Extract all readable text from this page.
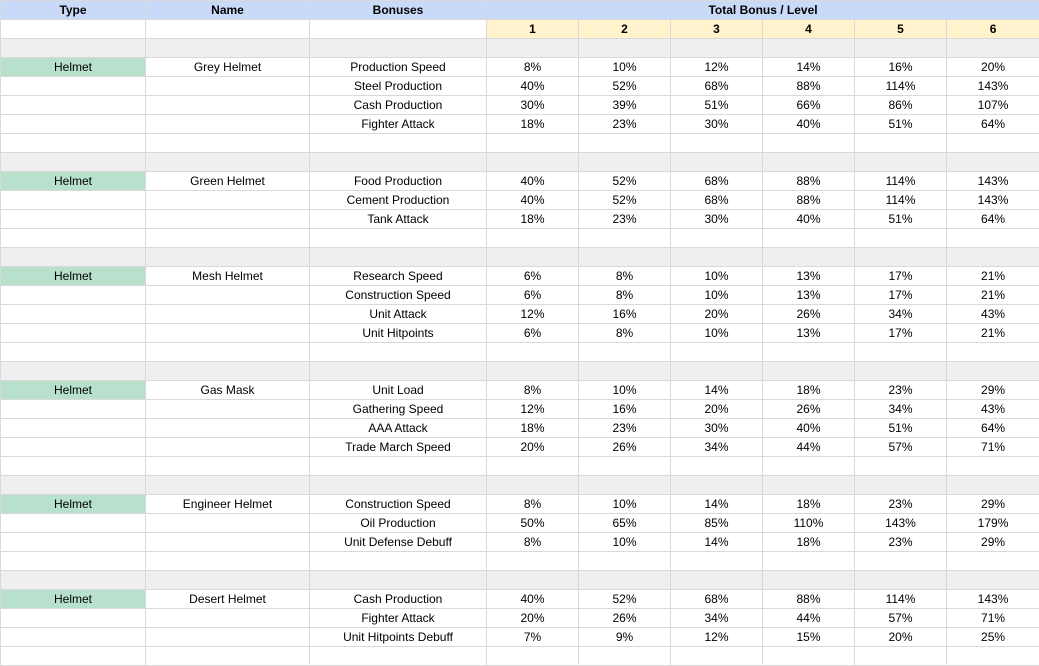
Type	Name	Bonuses	Total Bonus / Level					
			1	2	3	4	5	6

Helmet	Grey Helmet	Production Speed	8%	10%	12%	14%	16%	20%
		Steel Production	40%	52%	68%	88%	114%	143%
		Cash Production	30%	39%	51%	66%	86%	107%
		Fighter Attack	18%	23%	30%	40%	51%	64%

Helmet	Green Helmet	Food Production	40%	52%	68%	88%	114%	143%
		Cement Production	40%	52%	68%	88%	114%	143%
		Tank Attack	18%	23%	30%	40%	51%	64%

Helmet	Mesh Helmet	Research Speed	6%	8%	10%	13%	17%	21%
		Construction Speed	6%	8%	10%	13%	17%	21%
		Unit Attack	12%	16%	20%	26%	34%	43%
		Unit Hitpoints	6%	8%	10%	13%	17%	21%

Helmet	Gas Mask	Unit Load	8%	10%	14%	18%	23%	29%
		Gathering Speed	12%	16%	20%	26%	34%	43%
		AAA Attack	18%	23%	30%	40%	51%	64%
		Trade March Speed	20%	26%	34%	44%	57%	71%

Helmet	Engineer Helmet	Construction Speed	8%	10%	14%	18%	23%	29%
		Oil Production	50%	65%	85%	110%	143%	179%
		Unit Defense Debuff	8%	10%	14%	18%	23%	29%

Helmet	Desert Helmet	Cash Production	40%	52%	68%	88%	114%	143%
		Fighter Attack	20%	26%	34%	44%	57%	71%
		Unit Hitpoints Debuff	7%	9%	12%	15%	20%	25%
